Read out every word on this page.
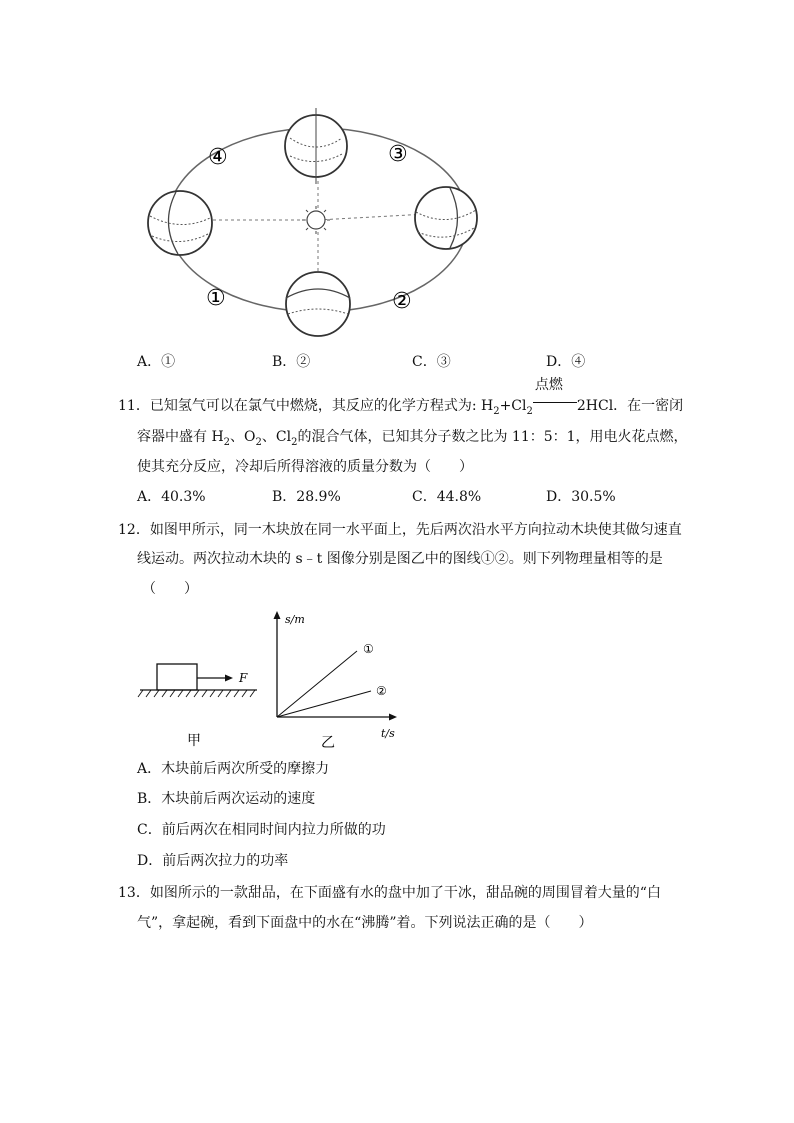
④	③
①	②
A．①	B．②	C．③	D．④
11．已知氢气可以在氯气中燃烧，其反应的化学方程式为: $H_2+Cl_2$
点燃
2HCl．在一密闭
容器中盛有 $H_2$、$O_2$、$Cl_2$的混合气体，已知其分子数之比为 11：5：1，用电火花点燃，
使其充分反应，冷却后所得溶液的质量分数为（　　）
A．40.3%	B．28.9%	C．44.8%	D．30.5%
12．如图甲所示，同一木块放在同一水平面上，先后两次沿水平方向拉动木块使其做匀速直
线运动。两次拉动木块的 s﹣t 图像分别是图乙中的图线①②。则下列物理量相等的是
（　　）
F
甲
s/m
t/s
①
②
乙
A．木块前后两次所受的摩擦力
B．木块前后两次运动的速度
C．前后两次在相同时间内拉力所做的功
D．前后两次拉力的功率
13．如图所示的一款甜品，在下面盛有水的盘中加了干冰，甜品碗的周围冒着大量的“白
气”，拿起碗，看到下面盘中的水在“沸腾”着。下列说法正确的是（　　）
